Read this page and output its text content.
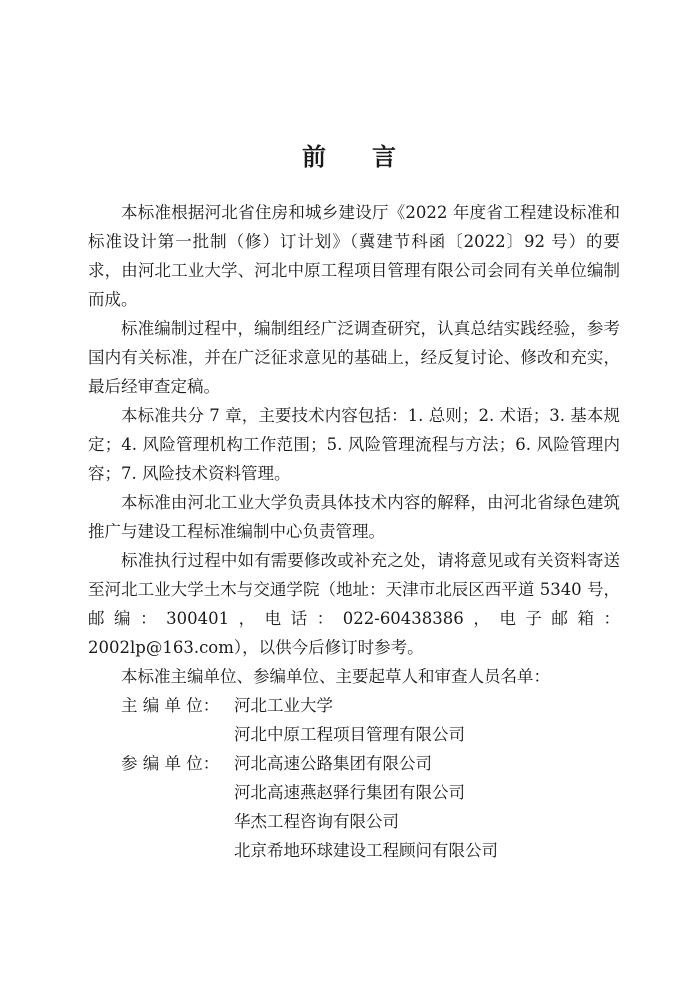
前 言

本标准根据河北省住房和城乡建设厅《2022 年度省工程建设标准和标准设计第一批制（修）订计划》（冀建节科函〔2022〕92 号）的要求，由河北工业大学、河北中原工程项目管理有限公司会同有关单位编制而成。

标准编制过程中，编制组经广泛调查研究，认真总结实践经验，参考国内有关标准，并在广泛征求意见的基础上，经反复讨论、修改和充实，最后经审查定稿。

本标准共分 7 章，主要技术内容包括：1. 总则；2. 术语；3. 基本规定；4. 风险管理机构工作范围；5. 风险管理流程与方法；6. 风险管理内容；7. 风险技术资料管理。

本标准由河北工业大学负责具体技术内容的解释，由河北省绿色建筑推广与建设工程标准编制中心负责管理。

标准执行过程中如有需要修改或补充之处，请将意见或有关资料寄送至河北工业大学土木与交通学院（地址：天津市北辰区西平道 5340 号，邮编：300401，电话：022-60438386，电子邮箱：2002lp@163.com），以供今后修订时参考。

本标准主编单位、参编单位、主要起草人和审查人员名单：

主 编 单 位： 河北工业大学
河北中原工程项目管理有限公司
参 编 单 位： 河北高速公路集团有限公司
河北高速燕赵驿行集团有限公司
华杰工程咨询有限公司
北京希地环球建设工程顾问有限公司
